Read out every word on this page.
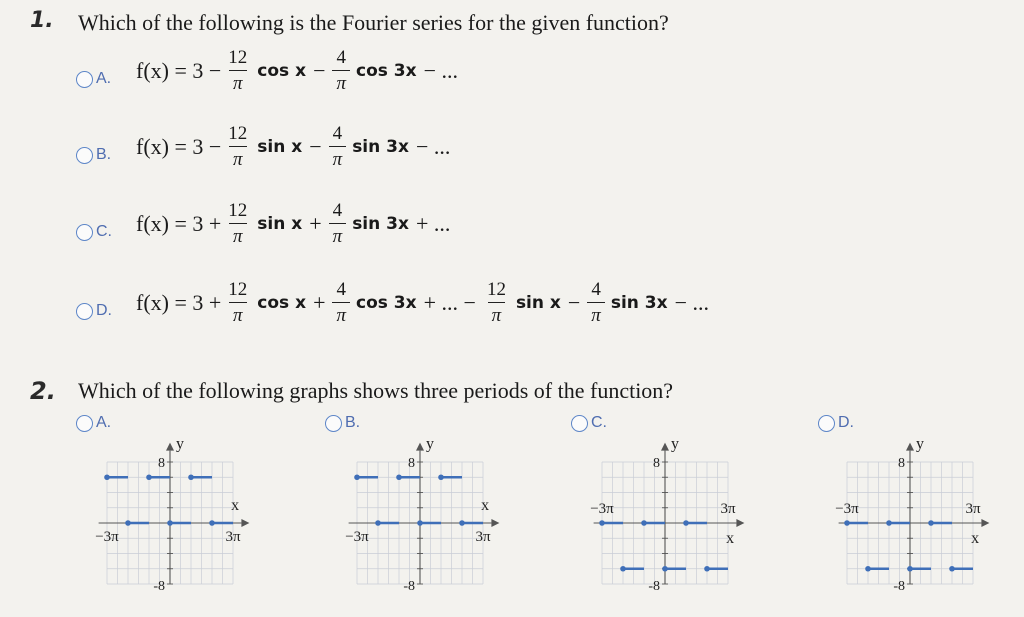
1. Which of the following is the Fourier series for the given function?
A. $f(x) = 3 - \frac{12}{\pi}$ $\cos x - \frac{4}{\pi}$ cos 3x − ...
B. $f(x) = 3 - \frac{12}{\pi}$ $\sin x - \frac{4}{\pi}$ sin 3x − ...
C. $f(x) = 3 + \frac{12}{\pi}$ $\sin x + \frac{4}{\pi}$ sin 3x + ...
D. $f(x) = 3 + \frac{12}{\pi}$ $\cos x + \frac{4}{\pi}$ cos 3x + ... − $\frac{12}{\pi}$ $\sin x - \frac{4}{\pi}$ sin 3x − ...
2. Which of the following graphs shows three periods of the function?
A.
y
8
-8
x
−3π	3π
B.
y
8
-8
x
−3π	3π
C.
y
8
-8
x
−3π	3π
D.
y
8
-8
x
−3π	3π
